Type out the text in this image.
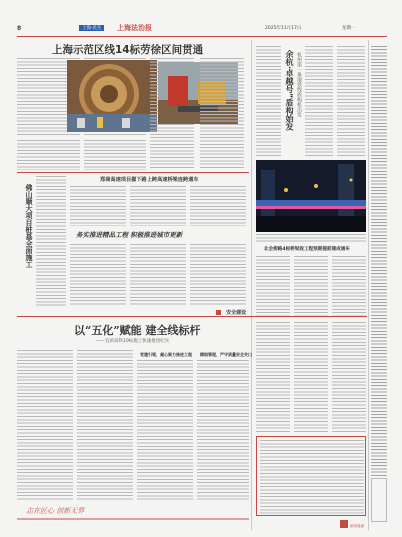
8	上海·民生	上海法治报	2025年11月17日	星期一
上海示范区线14标劳徐区间贯通	余杭·卓越号“盾构始发 杭州第一条地铁线盾构机出发
新闻速递
佛山顺大项目桩基全面施工
郑商高速项目握下路上跨高速桥梁连跨通车
务实推进精品工程 积极推进城市更新
安全建设
北会街路4标桥梁段工程预期提前建成通车
以“五化”赋能 建全线标杆
——宜滨高铁10标施工快速推进纪实
党建引领，凝心聚力推进工程 精细管理，严守质量安全关口
志在匠心 创新无界
